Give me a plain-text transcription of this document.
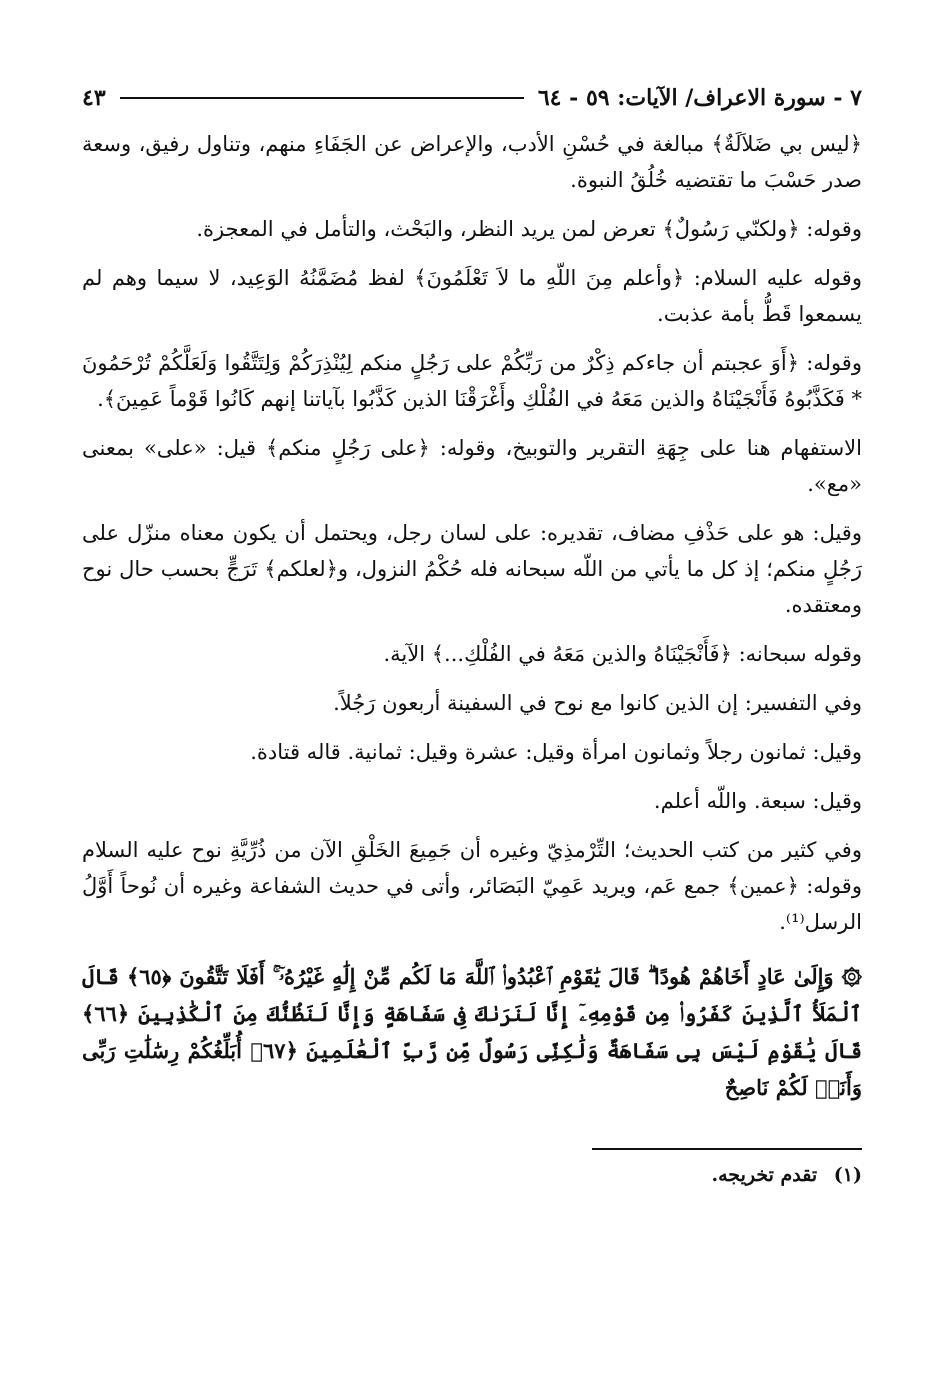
٧ - سورة الاعراف/ الآيات: ٥٩ - ٦٤
٤٣

﴿ليس بي ضَلاَلَةٌ﴾ مبالغة في حُسْنِ الأدب، والإعراض عن الجَفَاءِ منهم، وتناول رفيق، وسعة صدر حَسْبَ ما تقتضيه خُلُقُ النبوة.

وقوله: ﴿ولكنّي رَسُولٌ﴾ تعرض لمن يريد النظر، والبَحْث، والتأمل في المعجزة.

وقوله عليه السلام: ﴿وأعلم مِنَ اللّهِ ما لاَ تَعْلَمُونَ﴾ لفظ مُضَمَّنُهُ الوَعِيد، لا سيما وهم لم يسمعوا قَطُّ بأمة عذبت.

وقوله: ﴿أَوَ عجبتم أن جاءكم ذِكْرٌ من رَبِّكُمْ على رَجُلٍ منكم لِيُنْذِرَكُمْ وَلِتَتَّقُوا وَلَعَلَّكُمْ تُرْحَمُونَ * فَكَذَّبُوهُ فَأَنْجَيْنَاهُ والذين مَعَهُ في الفُلْكِ وأَغْرَقْنَا الذين كَذَّبُوا بآياتنا إنهم كَانُوا قَوْماً عَمِينَ﴾.

الاستفهام هنا على جِهَةِ التقرير والتوبيخ، وقوله: ﴿على رَجُلٍ منكم﴾ قيل: «على» بمعنى «مع».

وقيل: هو على حَذْفِ مضاف، تقديره: على لسان رجل، ويحتمل أن يكون معناه منزّل على رَجُلٍ منكم؛ إذ كل ما يأتي من اللّه سبحانه فله حُكْمُ النزول، و﴿لعلكم﴾ تَرَجٍّ بحسب حال نوح ومعتقده.

وقوله سبحانه: ﴿فَأَنْجَيْنَاهُ والذين مَعَهُ في الفُلْكِ...﴾ الآية.

وفي التفسير: إن الذين كانوا مع نوح في السفينة أربعون رَجُلاً.

وقيل: ثمانون رجلاً وثمانون امرأة وقيل: عشرة وقيل: ثمانية. قاله قتادة.

وقيل: سبعة. واللّه أعلم.

وفي كثير من كتب الحديث؛ التِّرْمذِيّ وغيره أن جَمِيعَ الخَلْقِ الآن من ذُرِّيَّةِ نوح عليه السلام وقوله: ﴿عمين﴾ جمع عَم، ويريد عَمِيّ البَصَائر، وأتى في حديث الشفاعة وغيره أن نُوحاً أَوَّلُ الرسل⁽¹⁾.

۞ وَإِلَىٰ عَادٍ أَخَاهُمْ هُودًا ۗ قَالَ يَٰقَوْمِ ٱعْبُدُوا۟ ٱللَّهَ مَا لَكُم مِّنْ إِلَٰهٍ غَيْرُهُۥٓ ۚ أَفَلَا تَتَّقُونَ ﴿٦٥﴾ قَالَ ٱلْمَلَأُ ٱلَّذِينَ كَفَرُوا۟ مِن قَوْمِهِۦٓ إِنَّا لَنَرَىٰكَ فِى سَفَاهَةٍ وَإِنَّا لَنَظُنُّكَ مِنَ ٱلْكَٰذِبِينَ ﴿٦٦﴾ قَالَ يَٰقَوْمِ لَيْسَ بِى سَفَاهَةٌ وَلَٰكِنِّى رَسُولٌ مِّن رَّبِّ ٱلْعَٰلَمِينَ ﴿٦٧﴾ أُبَلِّغُكُمْ رِسَٰلَٰتِ رَبِّى وَأَنَا۠ لَكُمْ نَاصِحٌ

(١) تقدم تخريجه.
